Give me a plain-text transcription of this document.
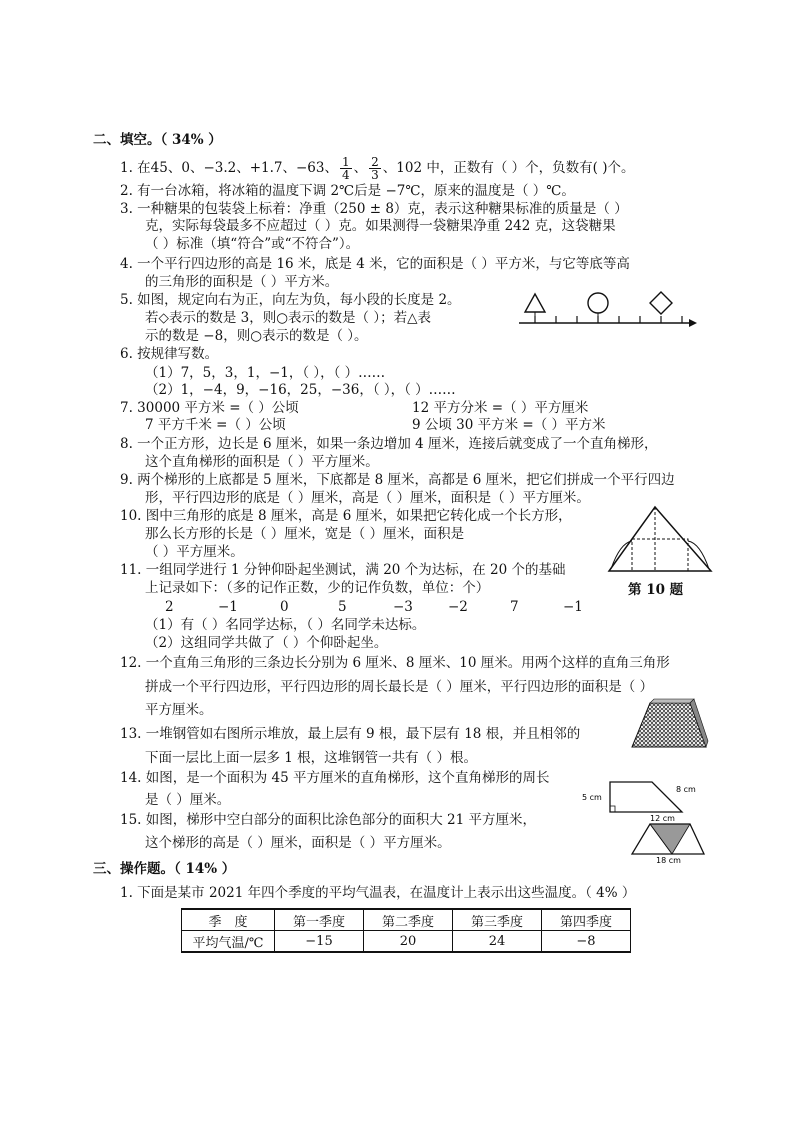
二、填空。（ 34% ）
1. 在45、0、−3.2、+1.7、−63、 $\frac{1}{4}$ 、 $\frac{2}{3}$ 、102 中，正数有（ ）个，负数有( )个。
2. 有一台冰箱，将冰箱的温度下调 2℃后是 −7℃，原来的温度是（ ）℃。
3. 一种糖果的包装袋上标着：净重（250 ± 8）克，表示这种糖果标准的质量是（ ）
克，实际每袋最多不应超过（ ）克。如果测得一袋糖果净重 242 克，这袋糖果
（ ）标准（填“符合”或“不符合”）。
4. 一个平行四边形的高是 16 米，底是 4 米，它的面积是（ ）平方米，与它等底等高
的三角形的面积是（ ）平方米。
5. 如图，规定向右为正，向左为负，每小段的长度是 2。
若◇表示的数是 3，则○表示的数是（ ）；若△表
示的数是 −8，则○表示的数是（ ）。
6. 按规律写数。
（1）7，5，3，1，−1，（ ），（ ）……
（2）1，−4，9，−16，25，−36，（ ），（ ）……
7. 30000 平方米 =（ ）公顷	12 平方分米 =（ ）平方厘米
7 平方千米 =（ ）公顷	9 公顷 30 平方米 =（ ）平方米
8. 一个正方形，边长是 6 厘米，如果一条边增加 4 厘米，连接后就变成了一个直角梯形，
这个直角梯形的面积是（ ）平方厘米。
9. 两个梯形的上底都是 5 厘米，下底都是 8 厘米，高都是 6 厘米，把它们拼成一个平行四边
形，平行四边形的底是（ ）厘米，高是（ ）厘米，面积是（ ）平方厘米。
10. 图中三角形的底是 8 厘米，高是 6 厘米，如果把它转化成一个长方形，
那么长方形的长是（ ）厘米，宽是（ ）厘米，面积是
（ ）平方厘米。
第 10 题
11. 一组同学进行 1 分钟仰卧起坐测试，满 20 个为达标，在 20 个的基础
上记录如下：（多的记作正数，少的记作负数，单位：个）
2	−1	0	5	−3	−2	7	−1
（1）有（ ）名同学达标，（ ）名同学未达标。
（2）这组同学共做了（ ）个仰卧起坐。
12. 一个直角三角形的三条边长分别为 6 厘米、8 厘米、10 厘米。用两个这样的直角三角形
拼成一个平行四边形，平行四边形的周长最长是（ ）厘米，平行四边形的面积是（ ）
平方厘米。
13. 一堆钢管如右图所示堆放，最上层有 9 根，最下层有 18 根，并且相邻的
下面一层比上面一层多 1 根，这堆钢管一共有（ ）根。
14. 如图，是一个面积为 45 平方厘米的直角梯形，这个直角梯形的周长
是（ ）厘米。	5 cm
8 cm
15. 如图，梯形中空白部分的面积比涂色部分的面积大 21 平方厘米，
这个梯形的高是（ ）厘米，面积是（ ）平方厘米。
12 cm
18 cm
三、操作题。（ 14% ）
1. 下面是某市 2021 年四个季度的平均气温表，在温度计上表示出这些温度。（ 4% ）
季　度	第一季度	第二季度	第三季度	第四季度
平均气温/℃	−15	20	24	−8
